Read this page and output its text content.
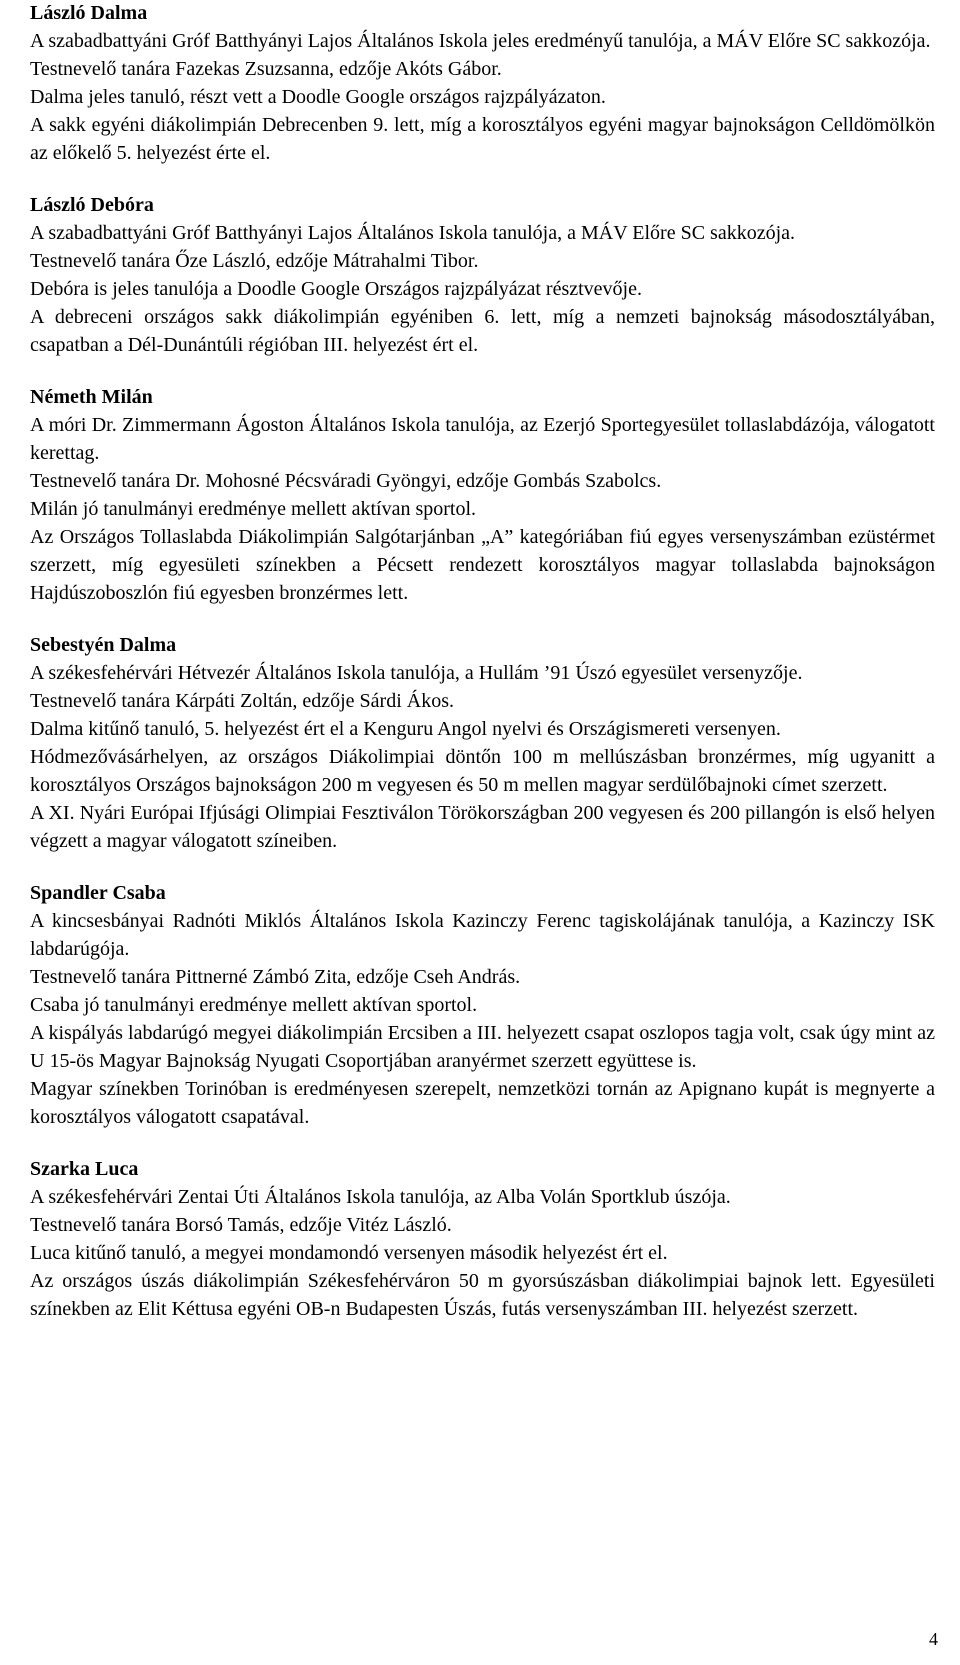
László Dalma

A szabadbattyáni Gróf Batthyányi Lajos Általános Iskola jeles eredményű tanulója, a MÁV Előre SC sakkozója.

Testnevelő tanára Fazekas Zsuzsanna, edzője Akóts Gábor.

Dalma jeles tanuló, részt vett a Doodle Google országos rajzpályázaton.

A sakk egyéni diákolimpián Debrecenben 9. lett, míg a korosztályos egyéni magyar bajnokságon Celldömölkön az előkelő 5. helyezést érte el.

László Debóra

A szabadbattyáni Gróf Batthyányi Lajos Általános Iskola tanulója, a MÁV Előre SC sakkozója.

Testnevelő tanára Őze László, edzője Mátrahalmi Tibor.

Debóra is jeles tanulója a Doodle Google Országos rajzpályázat résztvevője.

A debreceni országos sakk diákolimpián egyéniben 6. lett, míg a nemzeti bajnokság másodosztályában, csapatban a Dél-Dunántúli régióban III. helyezést ért el.

Németh Milán

A móri Dr. Zimmermann Ágoston Általános Iskola tanulója, az Ezerjó Sportegyesület tollaslabdázója, válogatott kerettag.

Testnevelő tanára Dr. Mohosné Pécsváradi Gyöngyi, edzője Gombás Szabolcs.

Milán jó tanulmányi eredménye mellett aktívan sportol.

Az Országos Tollaslabda Diákolimpián Salgótarjánban „A” kategóriában fiú egyes versenyszámban ezüstérmet szerzett, míg egyesületi színekben a Pécsett rendezett korosztályos magyar tollaslabda bajnokságon Hajdúszoboszlón fiú egyesben bronzérmes lett.

Sebestyén Dalma

A székesfehérvári Hétvezér Általános Iskola tanulója, a Hullám ’91 Úszó egyesület versenyzője.

Testnevelő tanára Kárpáti Zoltán, edzője Sárdi Ákos.

Dalma kitűnő tanuló, 5. helyezést ért el a Kenguru Angol nyelvi és Országismereti versenyen.

Hódmezővásárhelyen, az országos Diákolimpiai döntőn 100 m mellúszásban bronzérmes, míg ugyanitt a korosztályos Országos bajnokságon 200 m vegyesen és 50 m mellen magyar serdülőbajnoki címet szerzett.

A XI. Nyári Európai Ifjúsági Olimpiai Fesztiválon Törökországban 200 vegyesen és 200 pillangón is első helyen végzett a magyar válogatott színeiben.

Spandler Csaba

A kincsesbányai Radnóti Miklós Általános Iskola Kazinczy Ferenc tagiskolájának tanulója, a Kazinczy ISK labdarúgója.

Testnevelő tanára Pittnerné Zámbó Zita, edzője Cseh András.

Csaba jó tanulmányi eredménye mellett aktívan sportol.

A kispályás labdarúgó megyei diákolimpián Ercsiben a III. helyezett csapat oszlopos tagja volt, csak úgy mint az U 15-ös Magyar Bajnokság Nyugati Csoportjában aranyérmet szerzett együttese is.

Magyar színekben Torinóban is eredményesen szerepelt, nemzetközi tornán az Apignano kupát is megnyerte a korosztályos válogatott csapatával.

Szarka Luca

A székesfehérvári Zentai Úti Általános Iskola tanulója, az Alba Volán Sportklub úszója.

Testnevelő tanára Borsó Tamás, edzője Vitéz László.

Luca kitűnő tanuló, a megyei mondamondó versenyen második helyezést ért el.

Az országos úszás diákolimpián Székesfehérváron 50 m gyorsúszásban diákolimpiai bajnok lett. Egyesületi színekben az Elit Kéttusa egyéni OB-n Budapesten Úszás, futás versenyszámban III. helyezést szerzett.

4
